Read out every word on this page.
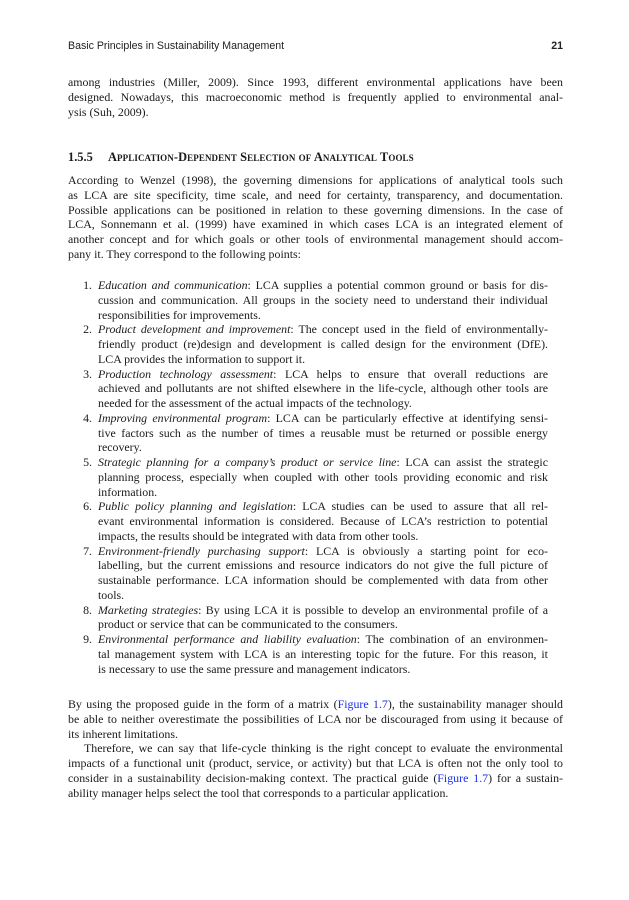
Basic Principles in Sustainability Management	21
among industries (Miller, 2009). Since 1993, different environmental applications have been
designed. Nowadays, this macroeconomic method is frequently applied to environmental anal-
ysis (Suh, 2009).
1.5.5 Application-Dependent Selection of Analytical Tools
According to Wenzel (1998), the governing dimensions for applications of analytical tools such
as LCA are site specificity, time scale, and need for certainty, transparency, and documentation.
Possible applications can be positioned in relation to these governing dimensions. In the case of
LCA, Sonnemann et al. (1999) have examined in which cases LCA is an integrated element of
another concept and for which goals or other tools of environmental management should accom-
pany it. They correspond to the following points:
1. Education and communication: LCA supplies a potential common ground or basis for dis-
cussion and communication. All groups in the society need to understand their individual
responsibilities for improvements.
2. Product development and improvement: The concept used in the field of environmentally-
friendly product (re)design and development is called design for the environment (DfE).
LCA provides the information to support it.
3. Production technology assessment: LCA helps to ensure that overall reductions are
achieved and pollutants are not shifted elsewhere in the life-cycle, although other tools are
needed for the assessment of the actual impacts of the technology.
4. Improving environmental program: LCA can be particularly effective at identifying sensi-
tive factors such as the number of times a reusable must be returned or possible energy
recovery.
5. Strategic planning for a company’s product or service line: LCA can assist the strategic
planning process, especially when coupled with other tools providing economic and risk
information.
6. Public policy planning and legislation: LCA studies can be used to assure that all rel-
evant environmental information is considered. Because of LCA’s restriction to potential
impacts, the results should be integrated with data from other tools.
7. Environment-friendly purchasing support: LCA is obviously a starting point for eco-
labelling, but the current emissions and resource indicators do not give the full picture of
sustainable performance. LCA information should be complemented with data from other
tools.
8. Marketing strategies: By using LCA it is possible to develop an environmental profile of a
product or service that can be communicated to the consumers.
9. Environmental performance and liability evaluation: The combination of an environmen-
tal management system with LCA is an interesting topic for the future. For this reason, it
is necessary to use the same pressure and management indicators.
By using the proposed guide in the form of a matrix (Figure 1.7), the sustainability manager should
be able to neither overestimate the possibilities of LCA nor be discouraged from using it because of
its inherent limitations.
Therefore, we can say that life-cycle thinking is the right concept to evaluate the environmental
impacts of a functional unit (product, service, or activity) but that LCA is often not the only tool to
consider in a sustainability decision-making context. The practical guide (Figure 1.7) for a sustain-
ability manager helps select the tool that corresponds to a particular application.
